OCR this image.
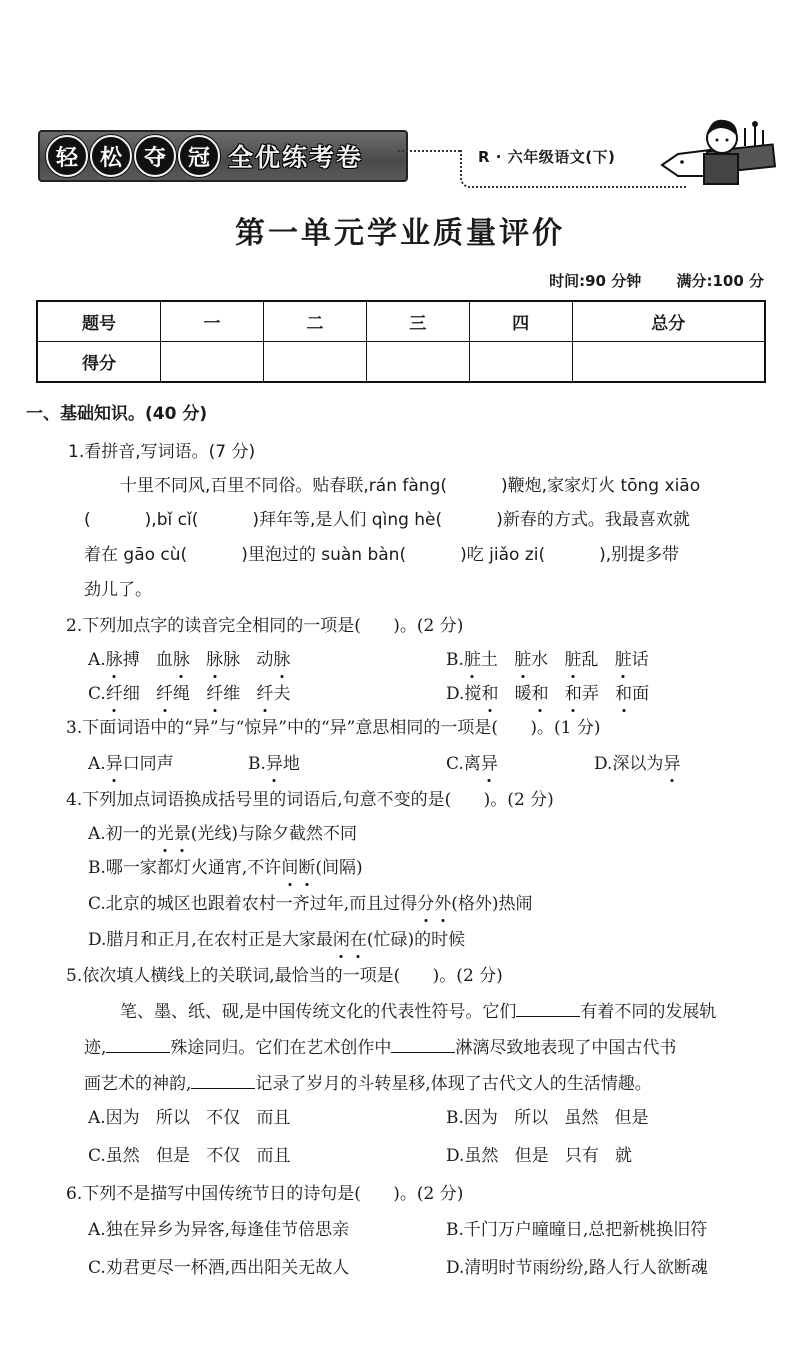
轻 松 夺 冠 全优练考卷	R · 六年级语文(下)
第一单元学业质量评价
时间:90 分钟 满分:100 分
题号	一	二	三	四	总分
得分					
一、基础知识。(40 分)
1.看拼音,写词语。(7 分)
十里不同风,百里不同俗。贴春联,rán fàng(          )鞭炮,家家灯火 tōng xiāo
(          ),bǐ cǐ(          )拜年等,是人们 qìng hè(          )新春的方式。我最喜欢就
着在 gāo cù(          )里泡过的 suàn bàn(          )吃 jiǎo zi(          ),别提多带
劲儿了。
2.下列加点字的读音完全相同的一项是(      )。(2 分)
A.脉搏   血脉 脉脉   动脉	B.脏土   脏水   脏乱   脏话
C.纤细   纤绳   纤维   纤夫	D.搅和   暖和 和弄   和面
3.下面词语中的“异”与“惊异”中的“异”意思相同的一项是(      )。(1 分)
A.异口同声	B.异地	C.离异	D.深以为异
4.下列加点词语换成括号里的词语后,句意不变的是(      )。(2 分)
A.初一的光景(光线)与除夕截然不同
B.哪一家都灯火通宵,不许间断(间隔)
C.北京的城区也跟着农村一齐过年,而且过得分外(格外)热闹
D.腊月和正月,在农村正是大家最闲在(忙碌)的时候
5.依次填人横线上的关联词,最恰当的一项是(      )。(2 分)
笔、墨、纸、砚,是中国传统文化的代表性符号。它们	有着不同的发展轨
迹,	殊途同归。它们在艺术创作中	淋漓尽致地表现了中国古代书
画艺术的神韵,	记录了岁月的斗转星移,体现了古代文人的生活情趣。
A.因为   所以   不仅   而且	B.因为   所以   虽然   但是
C.虽然   但是   不仅   而且	D.虽然   但是   只有   就
6.下列不是描写中国传统节日的诗句是(      )。(2 分)
A.独在异乡为异客,每逢佳节倍思亲	B.千门万户曈曈日,总把新桃换旧符
C.劝君更尽一杯酒,西出阳关无故人	D.清明时节雨纷纷,路人行人欲断魂
